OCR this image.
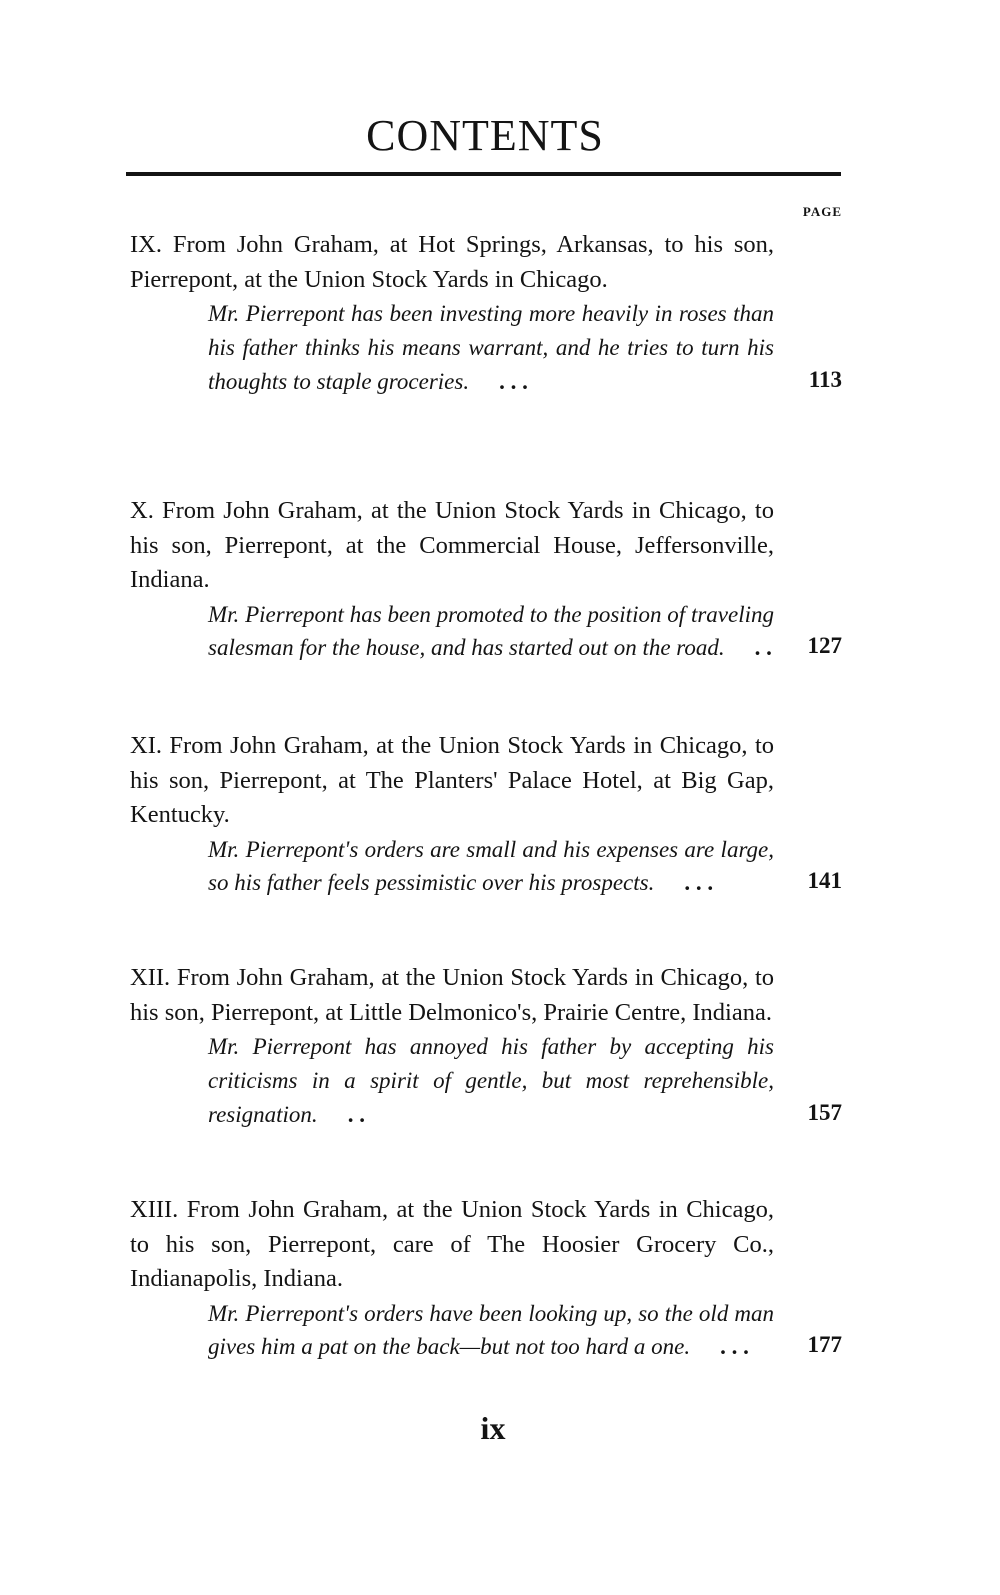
CONTENTS
PAGE

IX. From John Graham, at Hot Springs, Arkansas, to his son, Pierrepont, at the Union Stock Yards in Chicago.

Mr. Pierrepont has been investing more heavily in roses than his father thinks his means warrant, and he tries to turn his thoughts to staple groceries. . . .	113

X. From John Graham, at the Union Stock Yards in Chicago, to his son, Pierrepont, at the Commercial House, Jeffersonville, Indiana.

Mr. Pierrepont has been promoted to the position of traveling salesman for the house, and has started out on the road. . . 127

XI. From John Graham, at the Union Stock Yards in Chicago, to his son, Pierrepont, at The Planters' Palace Hotel, at Big Gap, Kentucky.

Mr. Pierrepont's orders are small and his expenses are large, so his father feels pessimistic over his prospects. . . .	141

XII. From John Graham, at the Union Stock Yards in Chicago, to his son, Pierrepont, at Little Delmonico's, Prairie Centre, Indiana.

Mr. Pierrepont has annoyed his father by accepting his criticisms in a spirit of gentle, but most reprehensible, resignation. . .	157

XIII. From John Graham, at the Union Stock Yards in Chicago, to his son, Pierrepont, care of The Hoosier Grocery Co., Indianapolis, Indiana.

Mr. Pierrepont's orders have been looking up, so the old man gives him a pat on the back—but not too hard a one. . . .	177
ix
